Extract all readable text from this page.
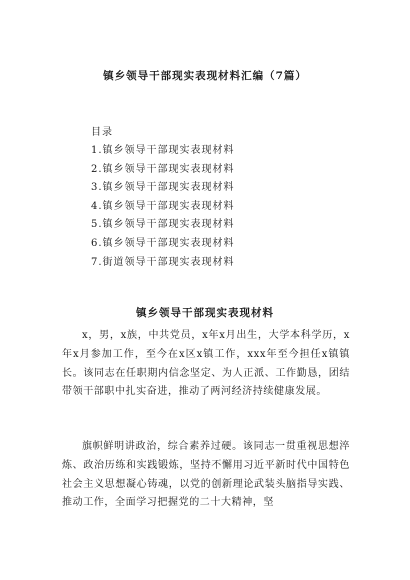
镇乡领导干部现实表现材料汇编（7篇）
目录
1.镇乡领导干部现实表现材料
2.镇乡领导干部现实表现材料
3.镇乡领导干部现实表现材料
4.镇乡领导干部现实表现材料
5.镇乡领导干部现实表现材料
6.镇乡领导干部现实表现材料
7.街道领导干部现实表现材料
镇乡领导干部现实表现材料

x，男，x族，中共党员，x年x月出生，大学本科学历，x年x月参加工作，至今在x区x镇工作，xxx年至今担任x镇镇长。该同志在任职期内信念坚定、为人正派、工作勤恳，团结带领干部职中扎实奋进，推动了两河经济持续健康发展。

旗帜鲜明讲政治，综合素养过硬。该同志一贯重视思想淬炼、政治历练和实践锻炼，坚持不懈用习近平新时代中国特色社会主义思想凝心铸魂，以党的创新理论武装头脑指导实践、推动工作，全面学习把握党的二十大精神，坚
